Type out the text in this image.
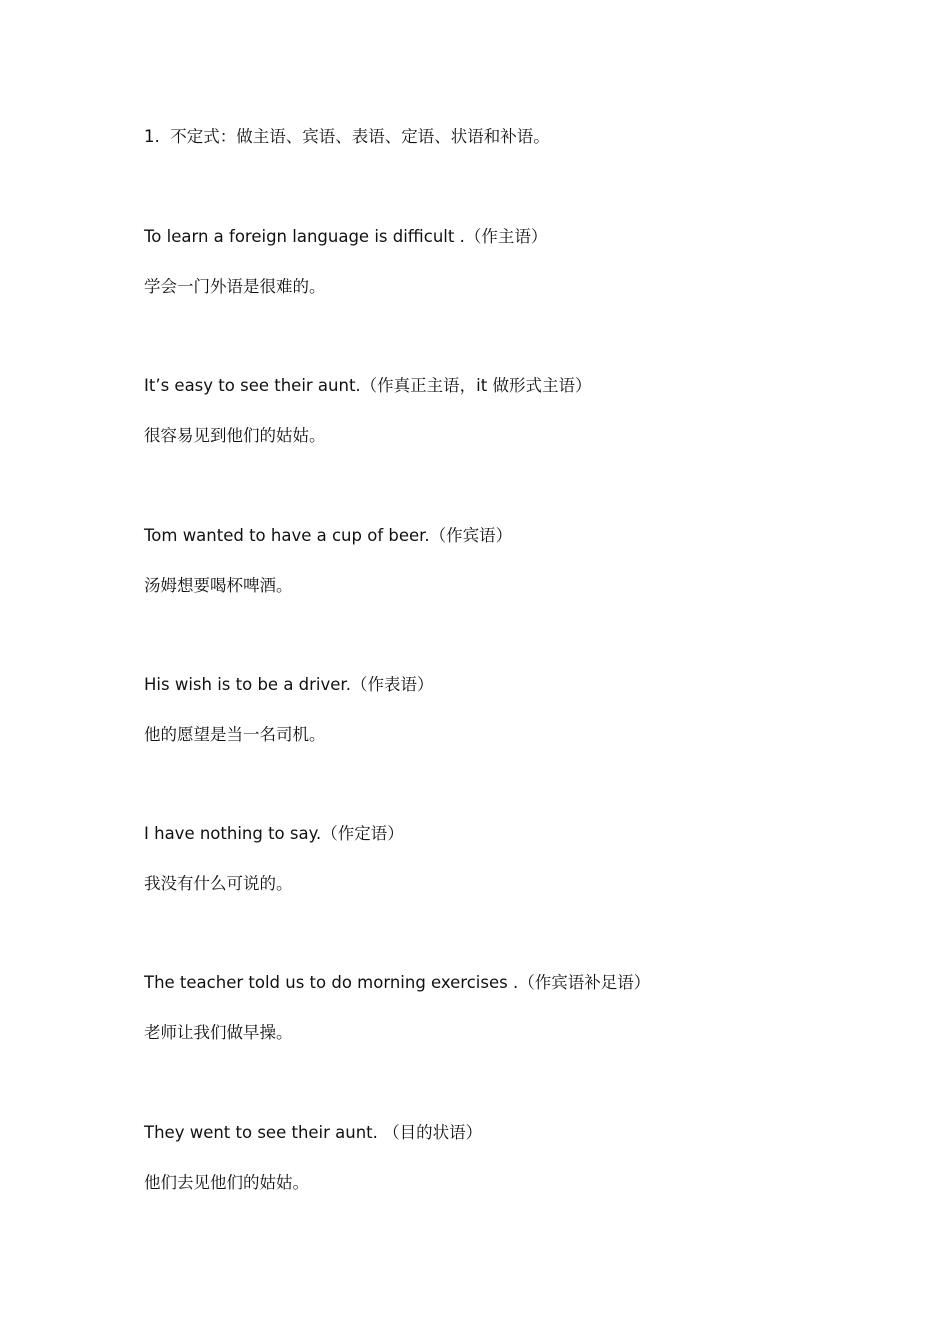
1.  不定式：做主语、宾语、表语、定语、状语和补语。
To learn a foreign language is difficult .（作主语）
学会一门外语是很难的。
It’s easy to see their aunt.（作真正主语，it 做形式主语）
很容易见到他们的姑姑。
Tom wanted to have a cup of beer.（作宾语）
汤姆想要喝杯啤酒。
His wish is to be a driver.（作表语）
他的愿望是当一名司机。
I have nothing to say.（作定语）
我没有什么可说的。
The teacher told us to do morning exercises .（作宾语补足语）
老师让我们做早操。
They went to see their aunt. （目的状语）
他们去见他们的姑姑。
